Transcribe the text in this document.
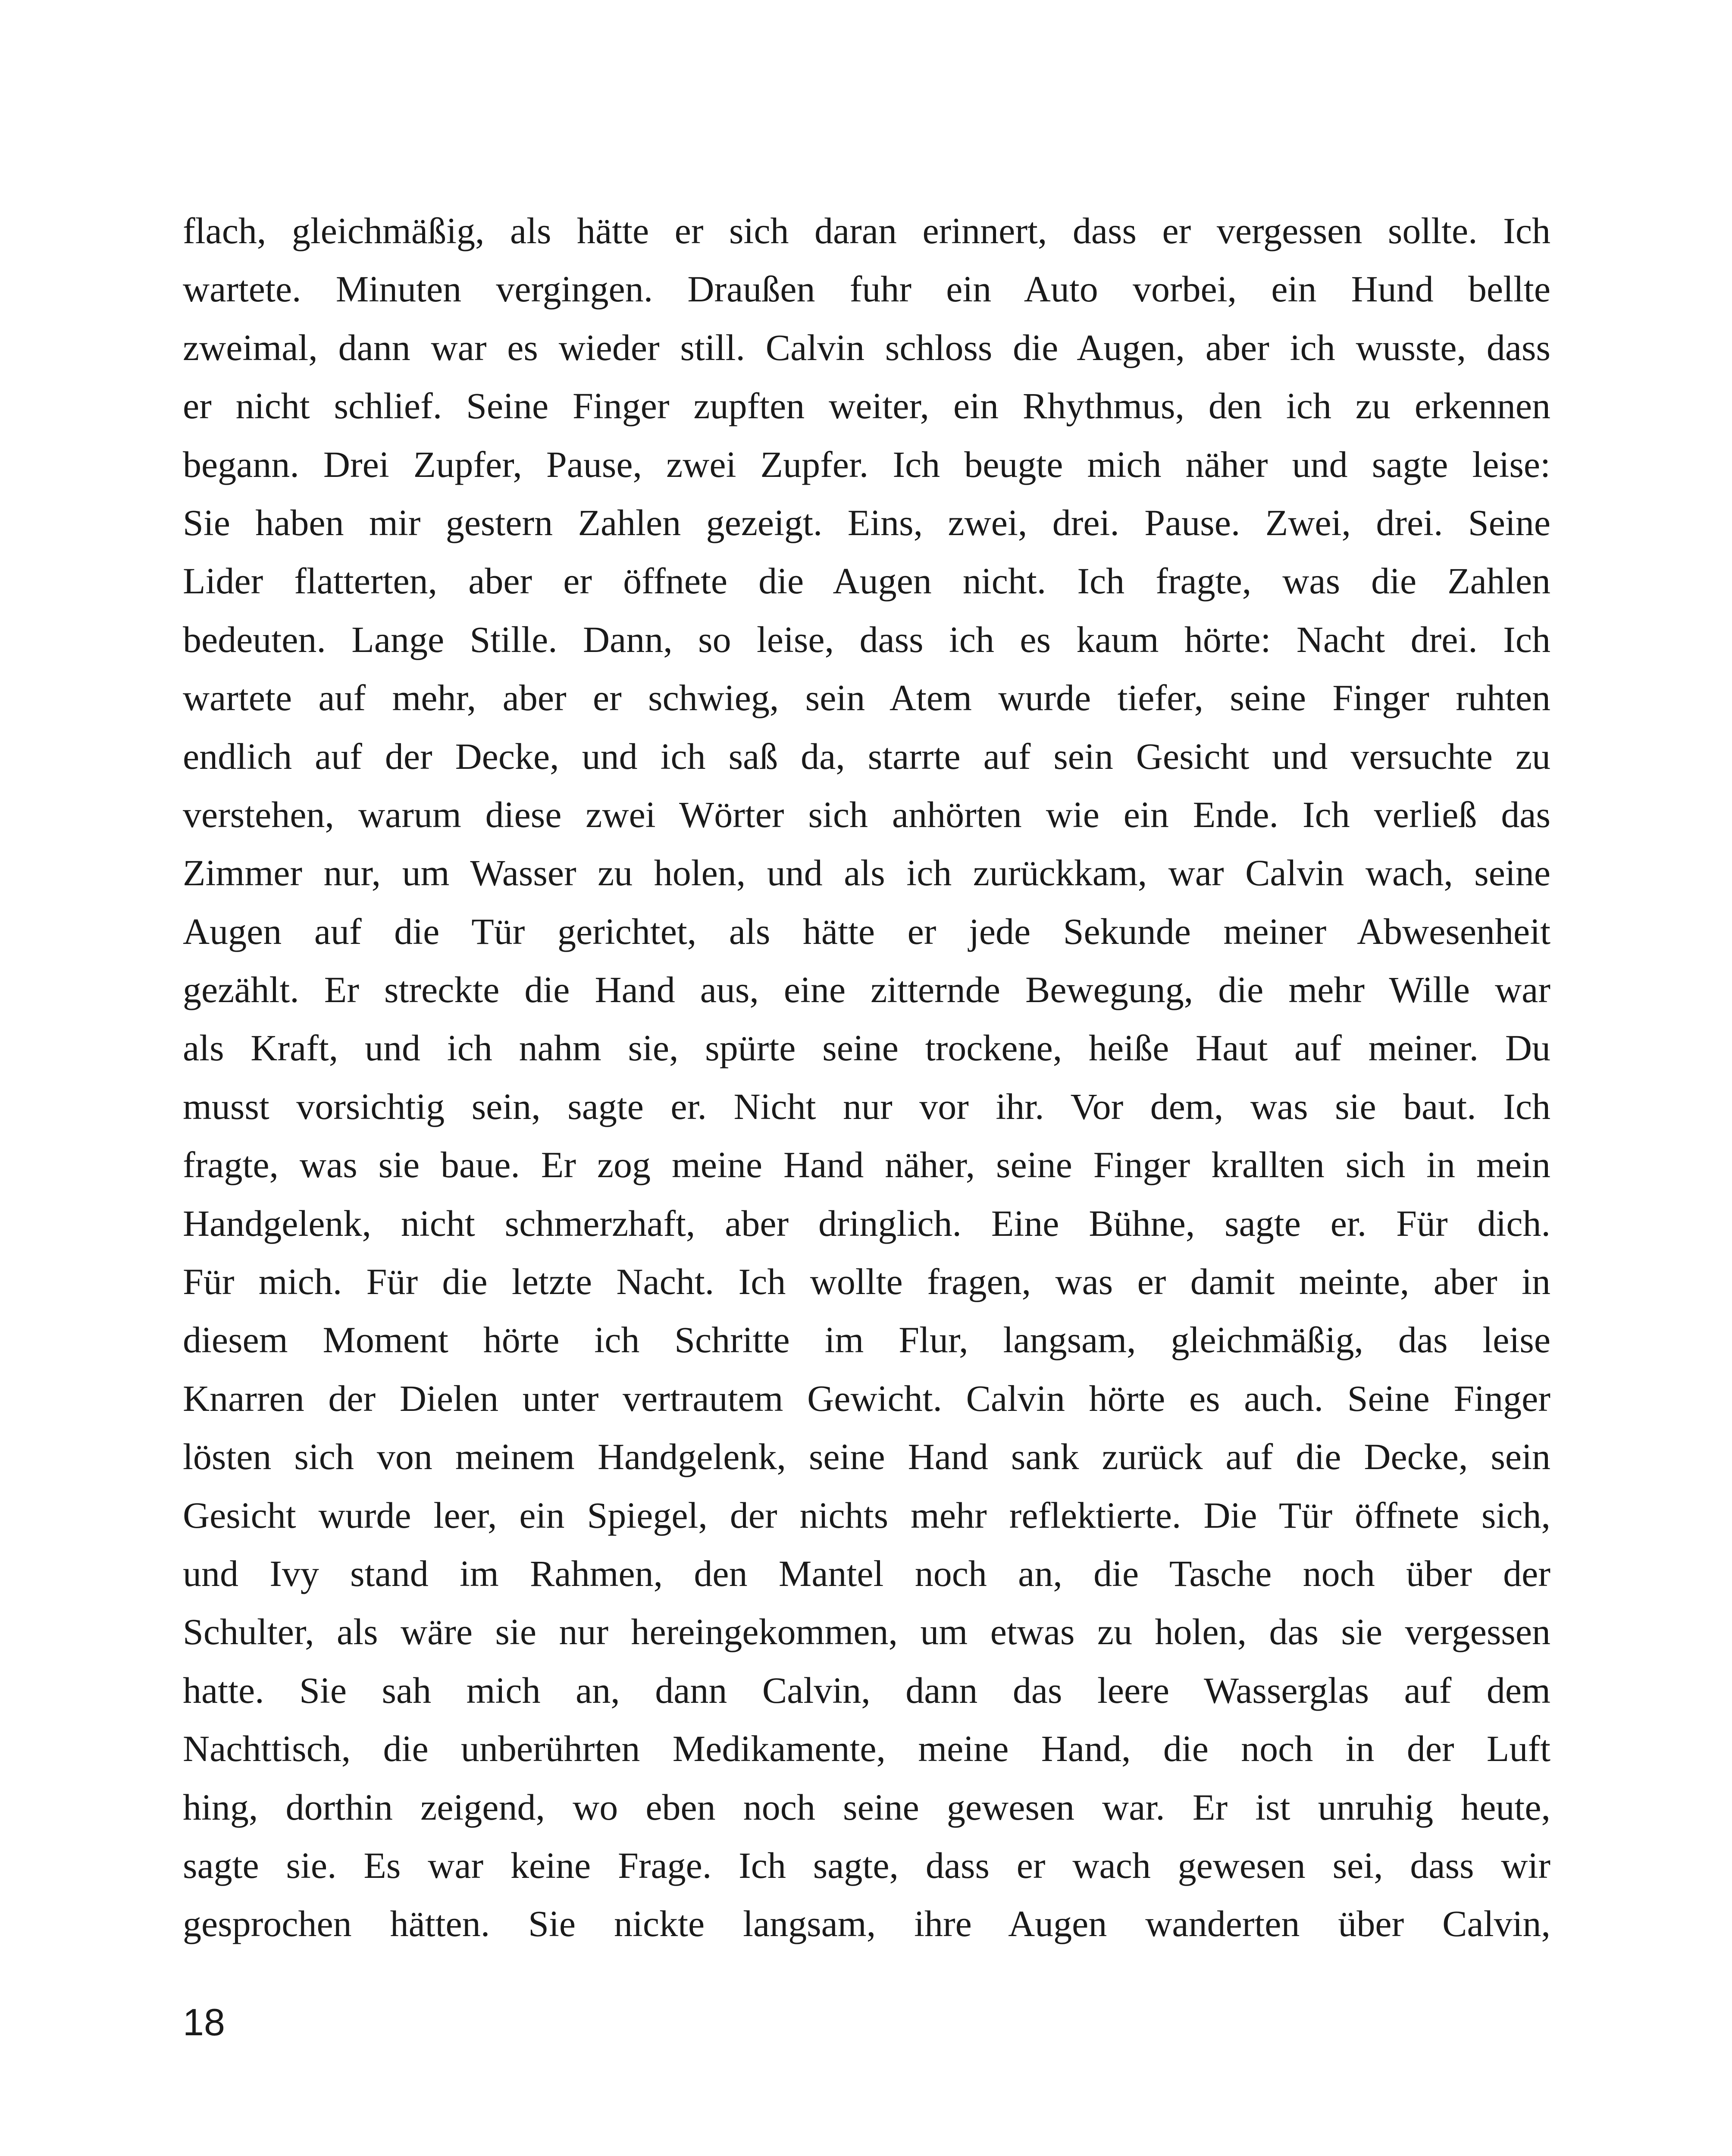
flach, gleichmäßig, als hätte er sich daran erinnert, dass er vergessen sollte. Ich
wartete. Minuten vergingen. Draußen fuhr ein Auto vorbei, ein Hund bellte
zweimal, dann war es wieder still. Calvin schloss die Augen, aber ich wusste, dass
er nicht schlief. Seine Finger zupften weiter, ein Rhythmus, den ich zu erkennen
begann. Drei Zupfer, Pause, zwei Zupfer. Ich beugte mich näher und sagte leise:
Sie haben mir gestern Zahlen gezeigt. Eins, zwei, drei. Pause. Zwei, drei. Seine
Lider flatterten, aber er öffnete die Augen nicht. Ich fragte, was die Zahlen
bedeuten. Lange Stille. Dann, so leise, dass ich es kaum hörte: Nacht drei. Ich
wartete auf mehr, aber er schwieg, sein Atem wurde tiefer, seine Finger ruhten
endlich auf der Decke, und ich saß da, starrte auf sein Gesicht und versuchte zu
verstehen, warum diese zwei Wörter sich anhörten wie ein Ende. Ich verließ das
Zimmer nur, um Wasser zu holen, und als ich zurückkam, war Calvin wach, seine
Augen auf die Tür gerichtet, als hätte er jede Sekunde meiner Abwesenheit
gezählt. Er streckte die Hand aus, eine zitternde Bewegung, die mehr Wille war
als Kraft, und ich nahm sie, spürte seine trockene, heiße Haut auf meiner. Du
musst vorsichtig sein, sagte er. Nicht nur vor ihr. Vor dem, was sie baut. Ich
fragte, was sie baue. Er zog meine Hand näher, seine Finger krallten sich in mein
Handgelenk, nicht schmerzhaft, aber dringlich. Eine Bühne, sagte er. Für dich.
Für mich. Für die letzte Nacht. Ich wollte fragen, was er damit meinte, aber in
diesem Moment hörte ich Schritte im Flur, langsam, gleichmäßig, das leise
Knarren der Dielen unter vertrautem Gewicht. Calvin hörte es auch. Seine Finger
lösten sich von meinem Handgelenk, seine Hand sank zurück auf die Decke, sein
Gesicht wurde leer, ein Spiegel, der nichts mehr reflektierte. Die Tür öffnete sich,
und Ivy stand im Rahmen, den Mantel noch an, die Tasche noch über der
Schulter, als wäre sie nur hereingekommen, um etwas zu holen, das sie vergessen
hatte. Sie sah mich an, dann Calvin, dann das leere Wasserglas auf dem
Nachttisch, die unberührten Medikamente, meine Hand, die noch in der Luft
hing, dorthin zeigend, wo eben noch seine gewesen war. Er ist unruhig heute,
sagte sie. Es war keine Frage. Ich sagte, dass er wach gewesen sei, dass wir
gesprochen hätten. Sie nickte langsam, ihre Augen wanderten über Calvin,
18
